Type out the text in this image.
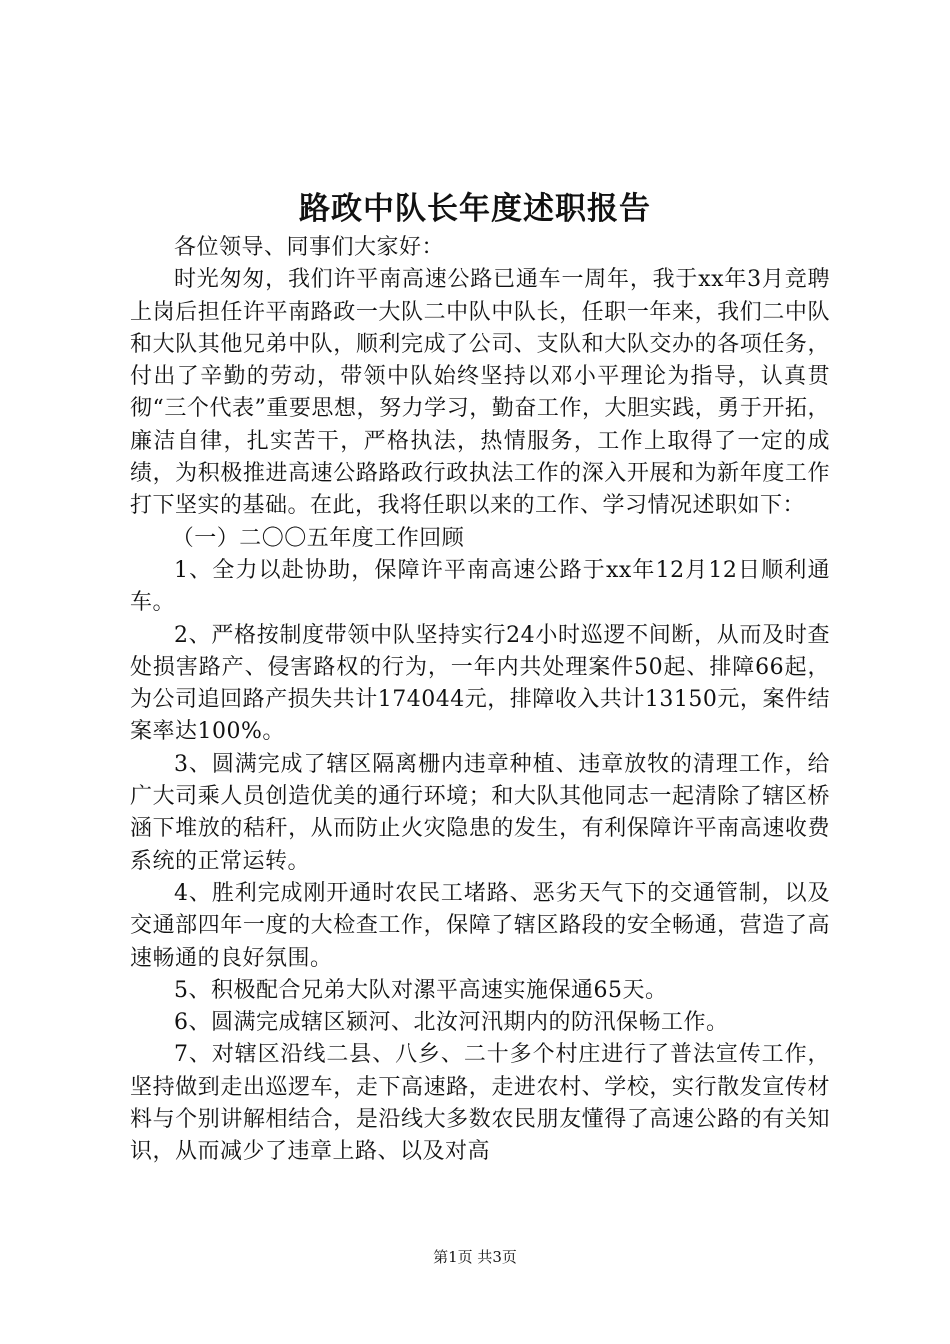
路政中队长年度述职报告

各位领导、同事们大家好：

时光匆匆，我们许平南高速公路已通车一周年，我于xx年3月竞聘上岗后担任许平南路政一大队二中队中队长，任职一年来，我们二中队和大队其他兄弟中队，顺利完成了公司、支队和大队交办的各项任务，付出了辛勤的劳动，带领中队始终坚持以邓小平理论为指导，认真贯彻“三个代表”重要思想，努力学习，勤奋工作，大胆实践，勇于开拓，廉洁自律，扎实苦干，严格执法，热情服务，工作上取得了一定的成绩，为积极推进高速公路路政行政执法工作的深入开展和为新年度工作打下坚实的基础。在此，我将任职以来的工作、学习情况述职如下：

（一）二〇〇五年度工作回顾

1、全力以赴协助，保障许平南高速公路于xx年12月12日顺利通车。

2、严格按制度带领中队坚持实行24小时巡逻不间断，从而及时查处损害路产、侵害路权的行为，一年内共处理案件50起、排障66起，为公司追回路产损失共计174044元，排障收入共计13150元，案件结案率达100%。

3、圆满完成了辖区隔离栅内违章种植、违章放牧的清理工作，给广大司乘人员创造优美的通行环境；和大队其他同志一起清除了辖区桥涵下堆放的秸秆，从而防止火灾隐患的发生，有利保障许平南高速收费系统的正常运转。

4、胜利完成刚开通时农民工堵路、恶劣天气下的交通管制，以及交通部四年一度的大检查工作，保障了辖区路段的安全畅通，营造了高速畅通的良好氛围。

5、积极配合兄弟大队对漯平高速实施保通65天。

6、圆满完成辖区颍河、北汝河汛期内的防汛保畅工作。

7、对辖区沿线二县、八乡、二十多个村庄进行了普法宣传工作，坚持做到走出巡逻车，走下高速路，走进农村、学校，实行散发宣传材料与个别讲解相结合，是沿线大多数农民朋友懂得了高速公路的有关知识，从而减少了违章上路、以及对高

第1页 共3页
